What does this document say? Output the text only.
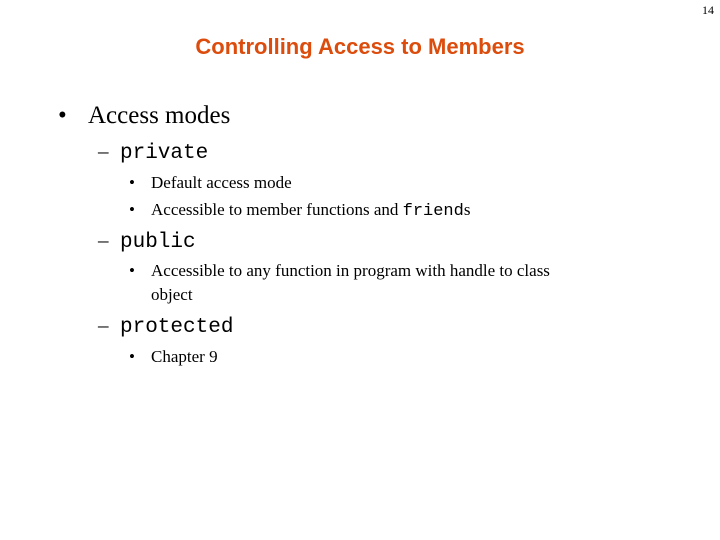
14
Controlling Access to Members
• Access modes
– private
• Default access mode
• Accessible to member functions and friends
– public
• Accessible to any function in program with handle to class
object
– protected
• Chapter 9
